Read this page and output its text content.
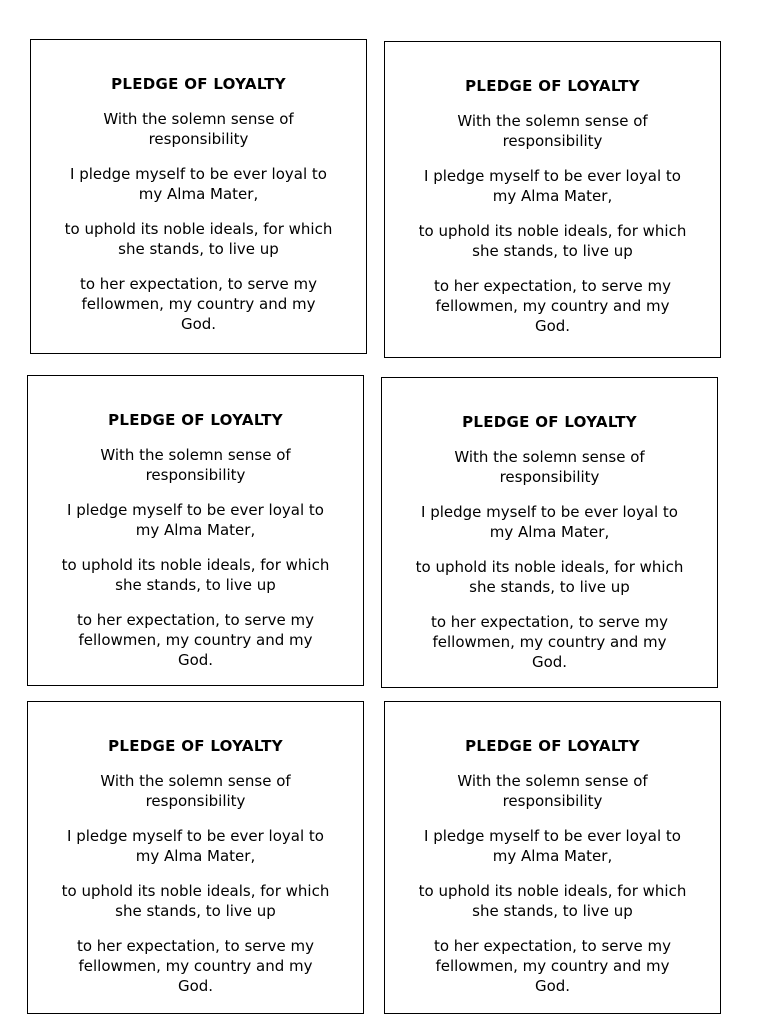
PLEDGE OF LOYALTY
With the solemn sense of
responsibility
I pledge myself to be ever loyal to
my Alma Mater,
to uphold its noble ideals, for which
she stands, to live up
to her expectation, to serve my
fellowmen, my country and my
God.
PLEDGE OF LOYALTY
With the solemn sense of
responsibility
I pledge myself to be ever loyal to
my Alma Mater,
to uphold its noble ideals, for which
she stands, to live up
to her expectation, to serve my
fellowmen, my country and my
God.
PLEDGE OF LOYALTY
With the solemn sense of
responsibility
I pledge myself to be ever loyal to
my Alma Mater,
to uphold its noble ideals, for which
she stands, to live up
to her expectation, to serve my
fellowmen, my country and my
God.
PLEDGE OF LOYALTY
With the solemn sense of
responsibility
I pledge myself to be ever loyal to
my Alma Mater,
to uphold its noble ideals, for which
she stands, to live up
to her expectation, to serve my
fellowmen, my country and my
God.
PLEDGE OF LOYALTY
With the solemn sense of
responsibility
I pledge myself to be ever loyal to
my Alma Mater,
to uphold its noble ideals, for which
she stands, to live up
to her expectation, to serve my
fellowmen, my country and my
God.
PLEDGE OF LOYALTY
With the solemn sense of
responsibility
I pledge myself to be ever loyal to
my Alma Mater,
to uphold its noble ideals, for which
she stands, to live up
to her expectation, to serve my
fellowmen, my country and my
God.
